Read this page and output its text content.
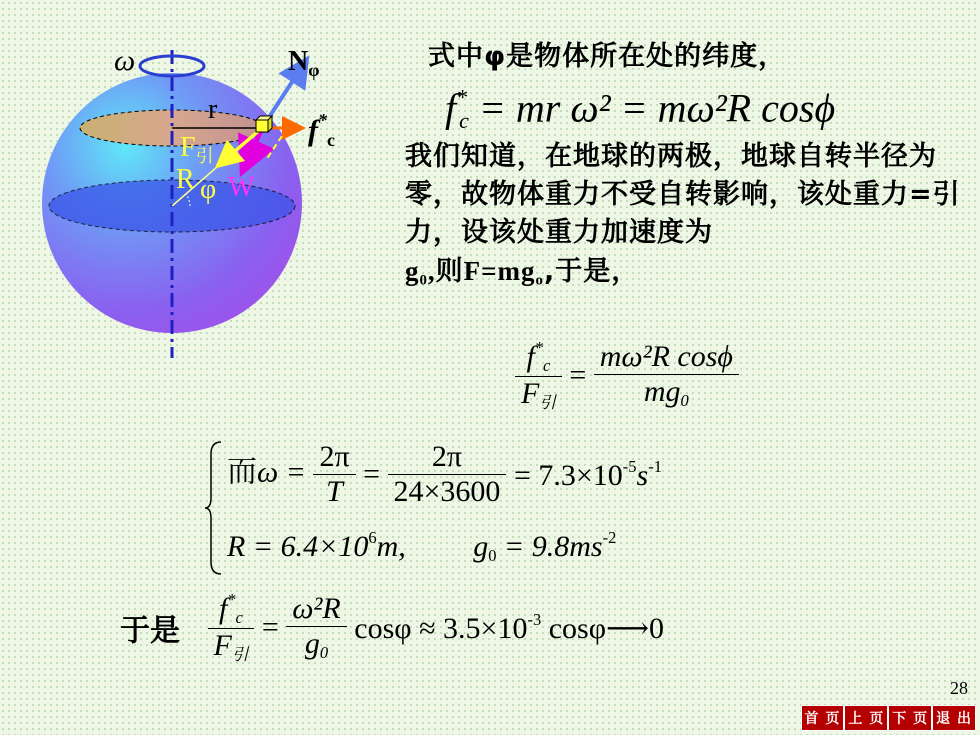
ω	$N_\varphi$
r
$f^*_c$
$F_引$
R φ W
式中φ是物体所在处的纬度，
$f^*_c$ = mr ω² = mω²R cosϕ
我们知道，在地球的两极，地球自转半径为零，故物体重力不受自转影响，该处重力=引力，设该处重力加速度为
$g_0$,则$F=mg_o$,于是，
$\frac{f^*_c}{F_引} = \frac{\text{mω²R cosϕ}}{mg_0}$
而$\omega = \frac{2\pi}{T} = \frac{2\pi}{24\times 3600} = 7.3\times 10^{-5}s^{-1}$
$R = 6.4\times 10^6m$, $g_0 = 9.8ms^{-2}$
于是 $\frac{f^*_c}{F_引} = \frac{\text{ω²R}}{g_0}$ $\cos\varphi \approx 3.5\times 10^{-3}$ cosφ⟶0
28
首 页 上 页 下 页 退 出
